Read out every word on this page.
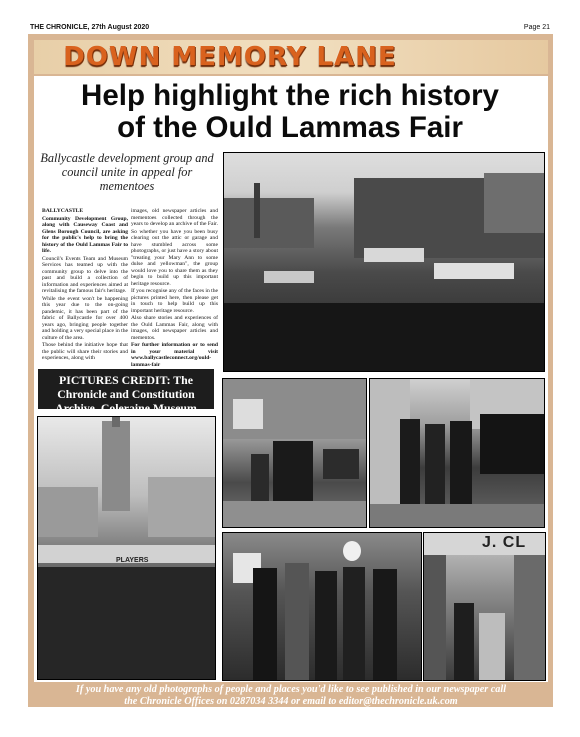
THE CHRONICLE, 27th August 2020	Page 21
DOWN MEMORY LANE
Help highlight the rich history
of the Ould Lammas Fair
Ballycastle development group and council unite in appeal for mementoes

BALLYCASTLE

Community Development Group, along with Causeway Coast and Glens Borough Council, are asking for the public's help to bring the history of the Ould Lammas Fair to life.

Council's Events Team and Museum Services has teamed up with the community group to delve into the past and build a collection of information and experiences aimed at revitalising the famous fair's heritage.

While the event won't be happening this year due to the on-going pandemic, it has been part of the fabric of Ballycastle for over 400 years ago, bringing people together and holding a very special place in the culture of the area.

Those behind the initiative hope that the public will share their stories and experiences, along with

images, old newspaper articles and mementoes collected through the years to develop an archive of the Fair.

So whether you have you been busy clearing out the attic or garage and have stumbled across some photographs, or just have a story about "treating your Mary Ann to some dulse and yellowman", the group would love you to share them as they begin to build up this important heritage resource.

If you recognise any of the faces in the pictures printed here, then please get in touch to help build up this important heritage resource.

Also share stories and experiences of the Ould Lammas Fair, along with images, old newspaper articles and mementos.

For further information or to send in your material visit www.ballycastleconnect.org/ould-lammas-fair

PICTURES CREDIT: The
Chronicle and Constitution
Archive, Coleraine Museum
PLAYERS
J. CL
If you have any old photographs of people and places you'd like to see published in our newspaper call
the Chronicle Offices on 0287034 3344 or email to editor@thechronicle.uk.com
